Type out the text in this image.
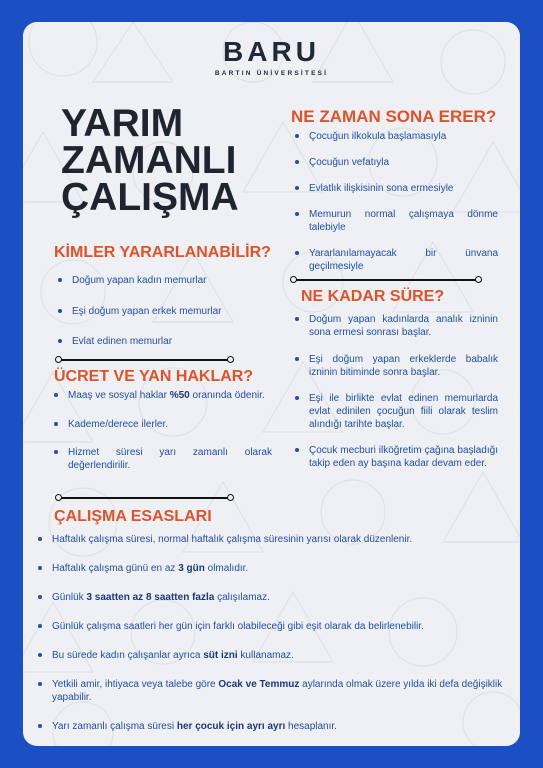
BARU
BARTIN ÜNİVERSİTESİ
YARIM
ZAMANLI
ÇALIŞMA
KİMLER YARARLANABİLİR?
Doğum yapan kadın memurlar
Eşi doğum yapan erkek memurlar
Evlat edinen memurlar
ÜCRET VE YAN HAKLAR?
Maaş ve sosyal haklar %50 oranında ödenir.
Kademe/derece ilerler.
Hizmet süresi yarı zamanlı olarak değerlendirilir.
NE ZAMAN SONA ERER?
Çocuğun ilkokula başlamasıyla
Çocuğun vefatıyla
Evlatlık ilişkisinin sona ermesiyle
Memurun normal çalışmaya dönme talebiyle
Yararlanılamayacak bir ünvana geçilmesiyle
NE KADAR SÜRE?
Doğum yapan kadınlarda analık izninin sona ermesi sonrası başlar.
Eşi doğum yapan erkeklerde babalık izninin bitiminde sonra başlar.
Eşi ile birlikte evlat edinen memurlarda evlat edinilen çocuğun fiili olarak teslim alındığı tarihte başlar.
Çocuk mecburi ilköğretim çağına başladığı takip eden ay başına kadar devam eder.
ÇALIŞMA ESASLARI
Haftalık çalışma süresi, normal haftalık çalışma süresinin yarısı olarak düzenlenir.
Haftalık çalışma günü en az 3 gün olmalıdır.
Günlük 3 saatten az 8 saatten fazla çalışılamaz.
Günlük çalışma saatleri her gün için farklı olabileceği gibi eşit olarak da belirlenebilir.
Bu sürede kadın çalışanlar ayrıca süt izni kullanamaz.
Yetkili amir, ihtiyaca veya talebe göre Ocak ve Temmuz aylarında olmak üzere yılda iki defa değişiklik yapabilir.
Yarı zamanlı çalışma süresi her çocuk için ayrı ayrı hesaplanır.
